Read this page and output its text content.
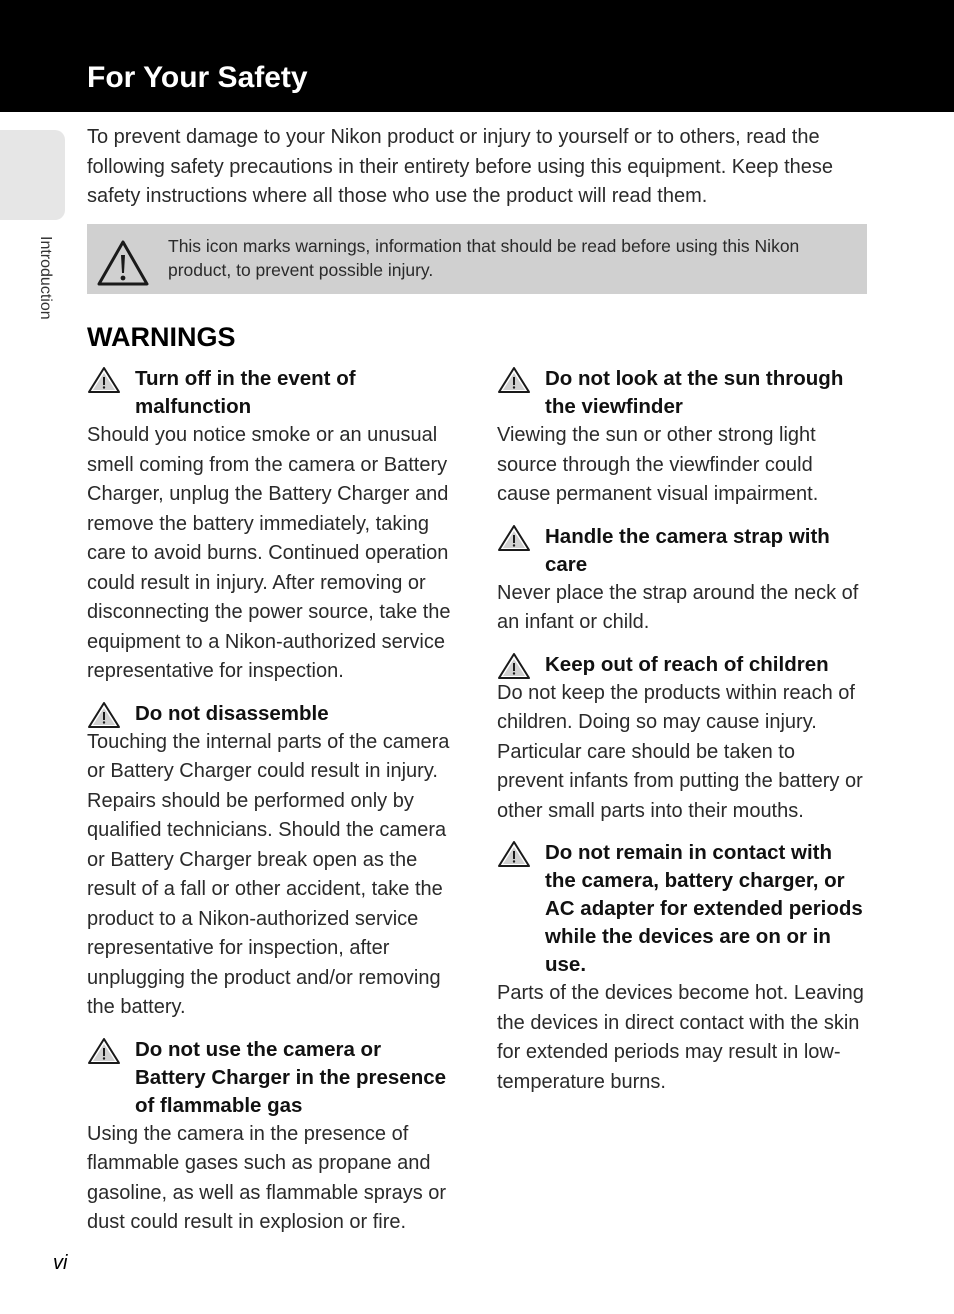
For Your Safety
Introduction

To prevent damage to your Nikon product or injury to yourself or to others, read the following safety precautions in their entirety before using this equipment. Keep these safety instructions where all those who use the product will read them.

This icon marks warnings, information that should be read before using this Nikon product, to prevent possible injury.

WARNINGS

Turn off in the event of malfunction

Should you notice smoke or an unusual smell coming from the camera or Battery Charger, unplug the Battery Charger and remove the battery immediately, taking care to avoid burns. Continued operation could result in injury. After removing or disconnecting the power source, take the equipment to a Nikon-authorized service representative for inspection.

Do not disassemble

Touching the internal parts of the camera or Battery Charger could result in injury. Repairs should be performed only by qualified technicians. Should the camera or Battery Charger break open as the result of a fall or other accident, take the product to a Nikon-authorized service representative for inspection, after unplugging the product and/or removing the battery.

Do not use the camera or Battery Charger in the presence of flammable gas

Using the camera in the presence of flammable gases such as propane and gasoline, as well as flammable sprays or dust could result in explosion or fire.

Do not look at the sun through the viewfinder

Viewing the sun or other strong light source through the viewfinder could cause permanent visual impairment.

Handle the camera strap with care

Never place the strap around the neck of an infant or child.

Keep out of reach of children

Do not keep the products within reach of children. Doing so may cause injury. Particular care should be taken to prevent infants from putting the battery or other small parts into their mouths.

Do not remain in contact with the camera, battery charger, or AC adapter for extended periods while the devices are on or in use.

Parts of the devices become hot. Leaving the devices in direct contact with the skin for extended periods may result in low-temperature burns.

vi
